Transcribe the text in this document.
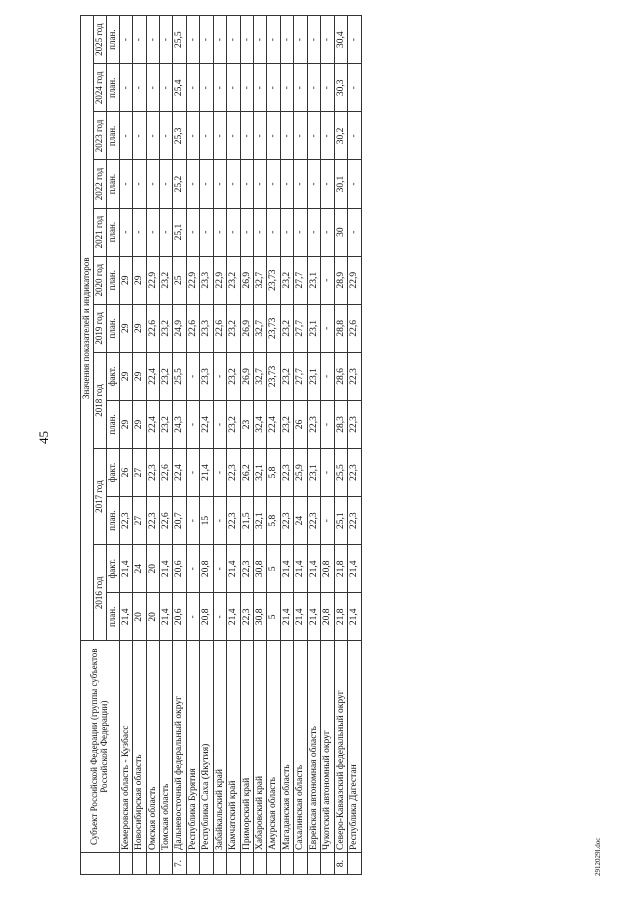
45
2912029l.doc
	Субъект Российской Федерации (группы субъектов Российской Федерации)	Значения показателей и индикаторов												
		2016 год		2017 год		2018 год		2019 год	2020 год	2021 год	2022 год	2023 год	2024 год	2025 год
		план.	факт.	план.	факт.	план.	факт.	план.	план.	план.	план.	план.	план.	план.
	Кемеровская область - Кузбасс	21,4	21,4	22,3	26	29	29	29	29	-	-	-	-	-
	Новосибирская область	20	24	27	27	29	29	29	29	-	-	-	-	-
	Омская область	20	20	22,3	22,3	22,4	22,4	22,6	22,9	-	-	-	-	-
	Томская область	21,4	21,4	22,6	22,6	23,2	23,2	23,2	23,2	-	-	-	-	-
7.	Дальневосточный федеральный округ	20,6	20,6	20,7	22,4	24,3	25,5	24,9	25	25,1	25,2	25,3	25,4	25,5
	Республика Бурятия	-	-	-	-	-	-	22,6	22,9	-	-	-	-	-
	Республика Саха (Якутия)	20,8	20,8	15	21,4	22,4	23,3	23,3	23,3	-	-	-	-	-
	Забайкальский край	-	-	-	-	-	-	22,6	22,9	-	-	-	-	-
	Камчатский край	21,4	21,4	22,3	22,3	23,2	23,2	23,2	23,2	-	-	-	-	-
	Приморский край	22,3	22,3	21,5	26,2	23	26,9	26,9	26,9	-	-	-	-	-
	Хабаровский край	30,8	30,8	32,1	32,1	32,4	32,7	32,7	32,7	-	-	-	-	-
	Амурская область	5	5	5,8	5,8	22,4	23,73	23,73	23,73	-	-	-	-	-
	Магаданская область	21,4	21,4	22,3	22,3	23,2	23,2	23,2	23,2	-	-	-	-	-
	Сахалинская область	21,4	21,4	24	25,9	26	27,7	27,7	27,7	-	-	-	-	-
	Еврейская автономная область	21,4	21,4	22,3	23,1	22,3	23,1	23,1	23,1	-	-	-	-	-
	Чукотский автономный округ	20,8	20,8	-	-	-	-	-	-	-	-	-	-	-
8.	Северо-Кавказский федеральный округ	21,8	21,8	25,1	25,5	28,3	28,6	28,8	28,9	30	30,1	30,2	30,3	30,4
	Республика Дагестан	21,4	21,4	22,3	22,3	22,3	22,3	22,6	22,9	-	-	-	-	-
